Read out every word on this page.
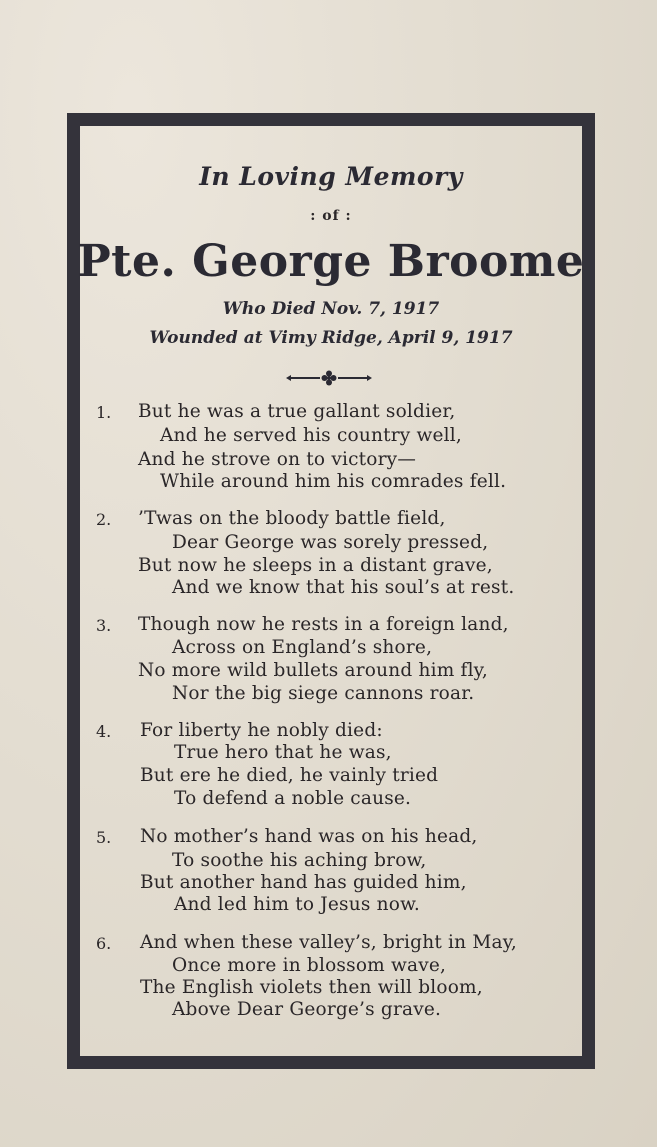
In Loving Memory
: of :
Pte. George Broome
Who Died Nov. 7, 1917
Wounded at Vimy Ridge, April 9, 1917
1.	But he was a true gallant soldier,
And he served his country well,
And he strove on to victory—
While around him his comrades fell.
2.	’Twas on the bloody battle field,
Dear George was sorely pressed,
But now he sleeps in a distant grave,
And we know that his soul’s at rest.
3.	Though now he rests in a foreign land,
Across on England’s shore,
No more wild bullets around him fly,
Nor the big siege cannons roar.
4.	For liberty he nobly died:
True hero that he was,
But ere he died, he vainly tried
To defend a noble cause.
5.	No mother’s hand was on his head,
To soothe his aching brow,
But another hand has guided him,
And led him to Jesus now.
6.	And when these valley’s, bright in May,
Once more in blossom wave,
The English violets then will bloom,
Above Dear George’s grave.
